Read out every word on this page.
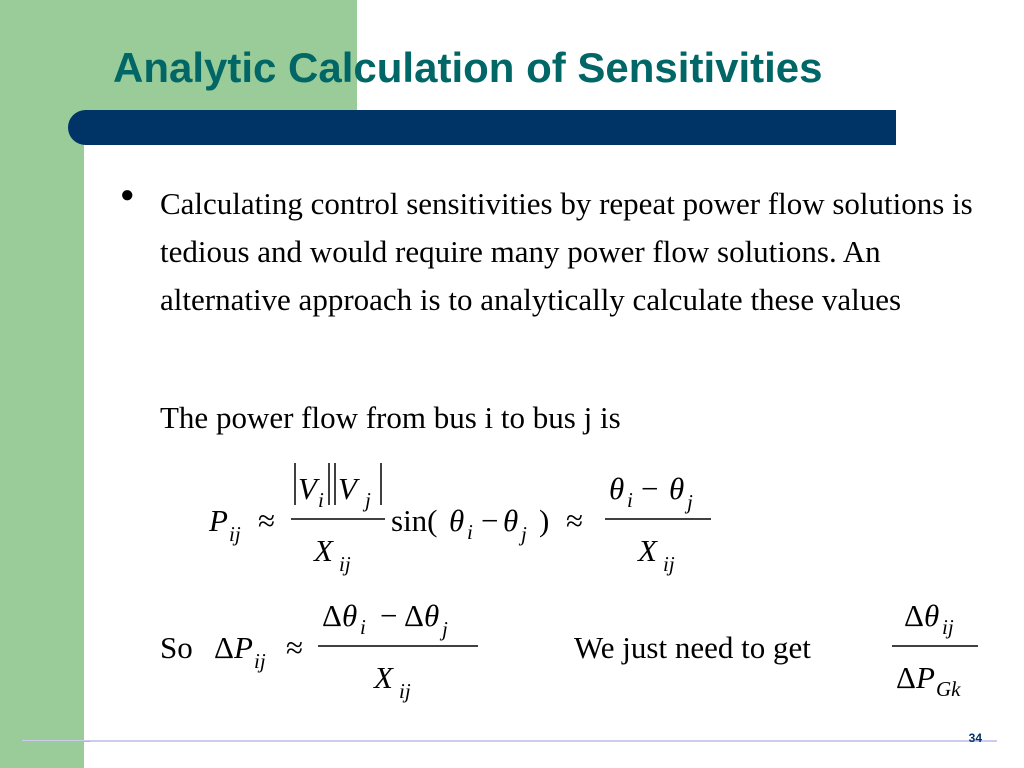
Analytic Calculation of Sensitivities
● Calculating control sensitivities by repeat power flow solutions is tedious and would require many power flow solutions. An alternative approach is to analytically calculate these values

The power flow from bus i to bus j is

P ij ≈
V i V j
X ij
sin( θ i − θ j ) ≈
θ i − θ j
X ij
So Δ P ij ≈
Δ θ i − Δ θ j
X ij
We just need to get
Δ θ ij
Δ P Gk
34
